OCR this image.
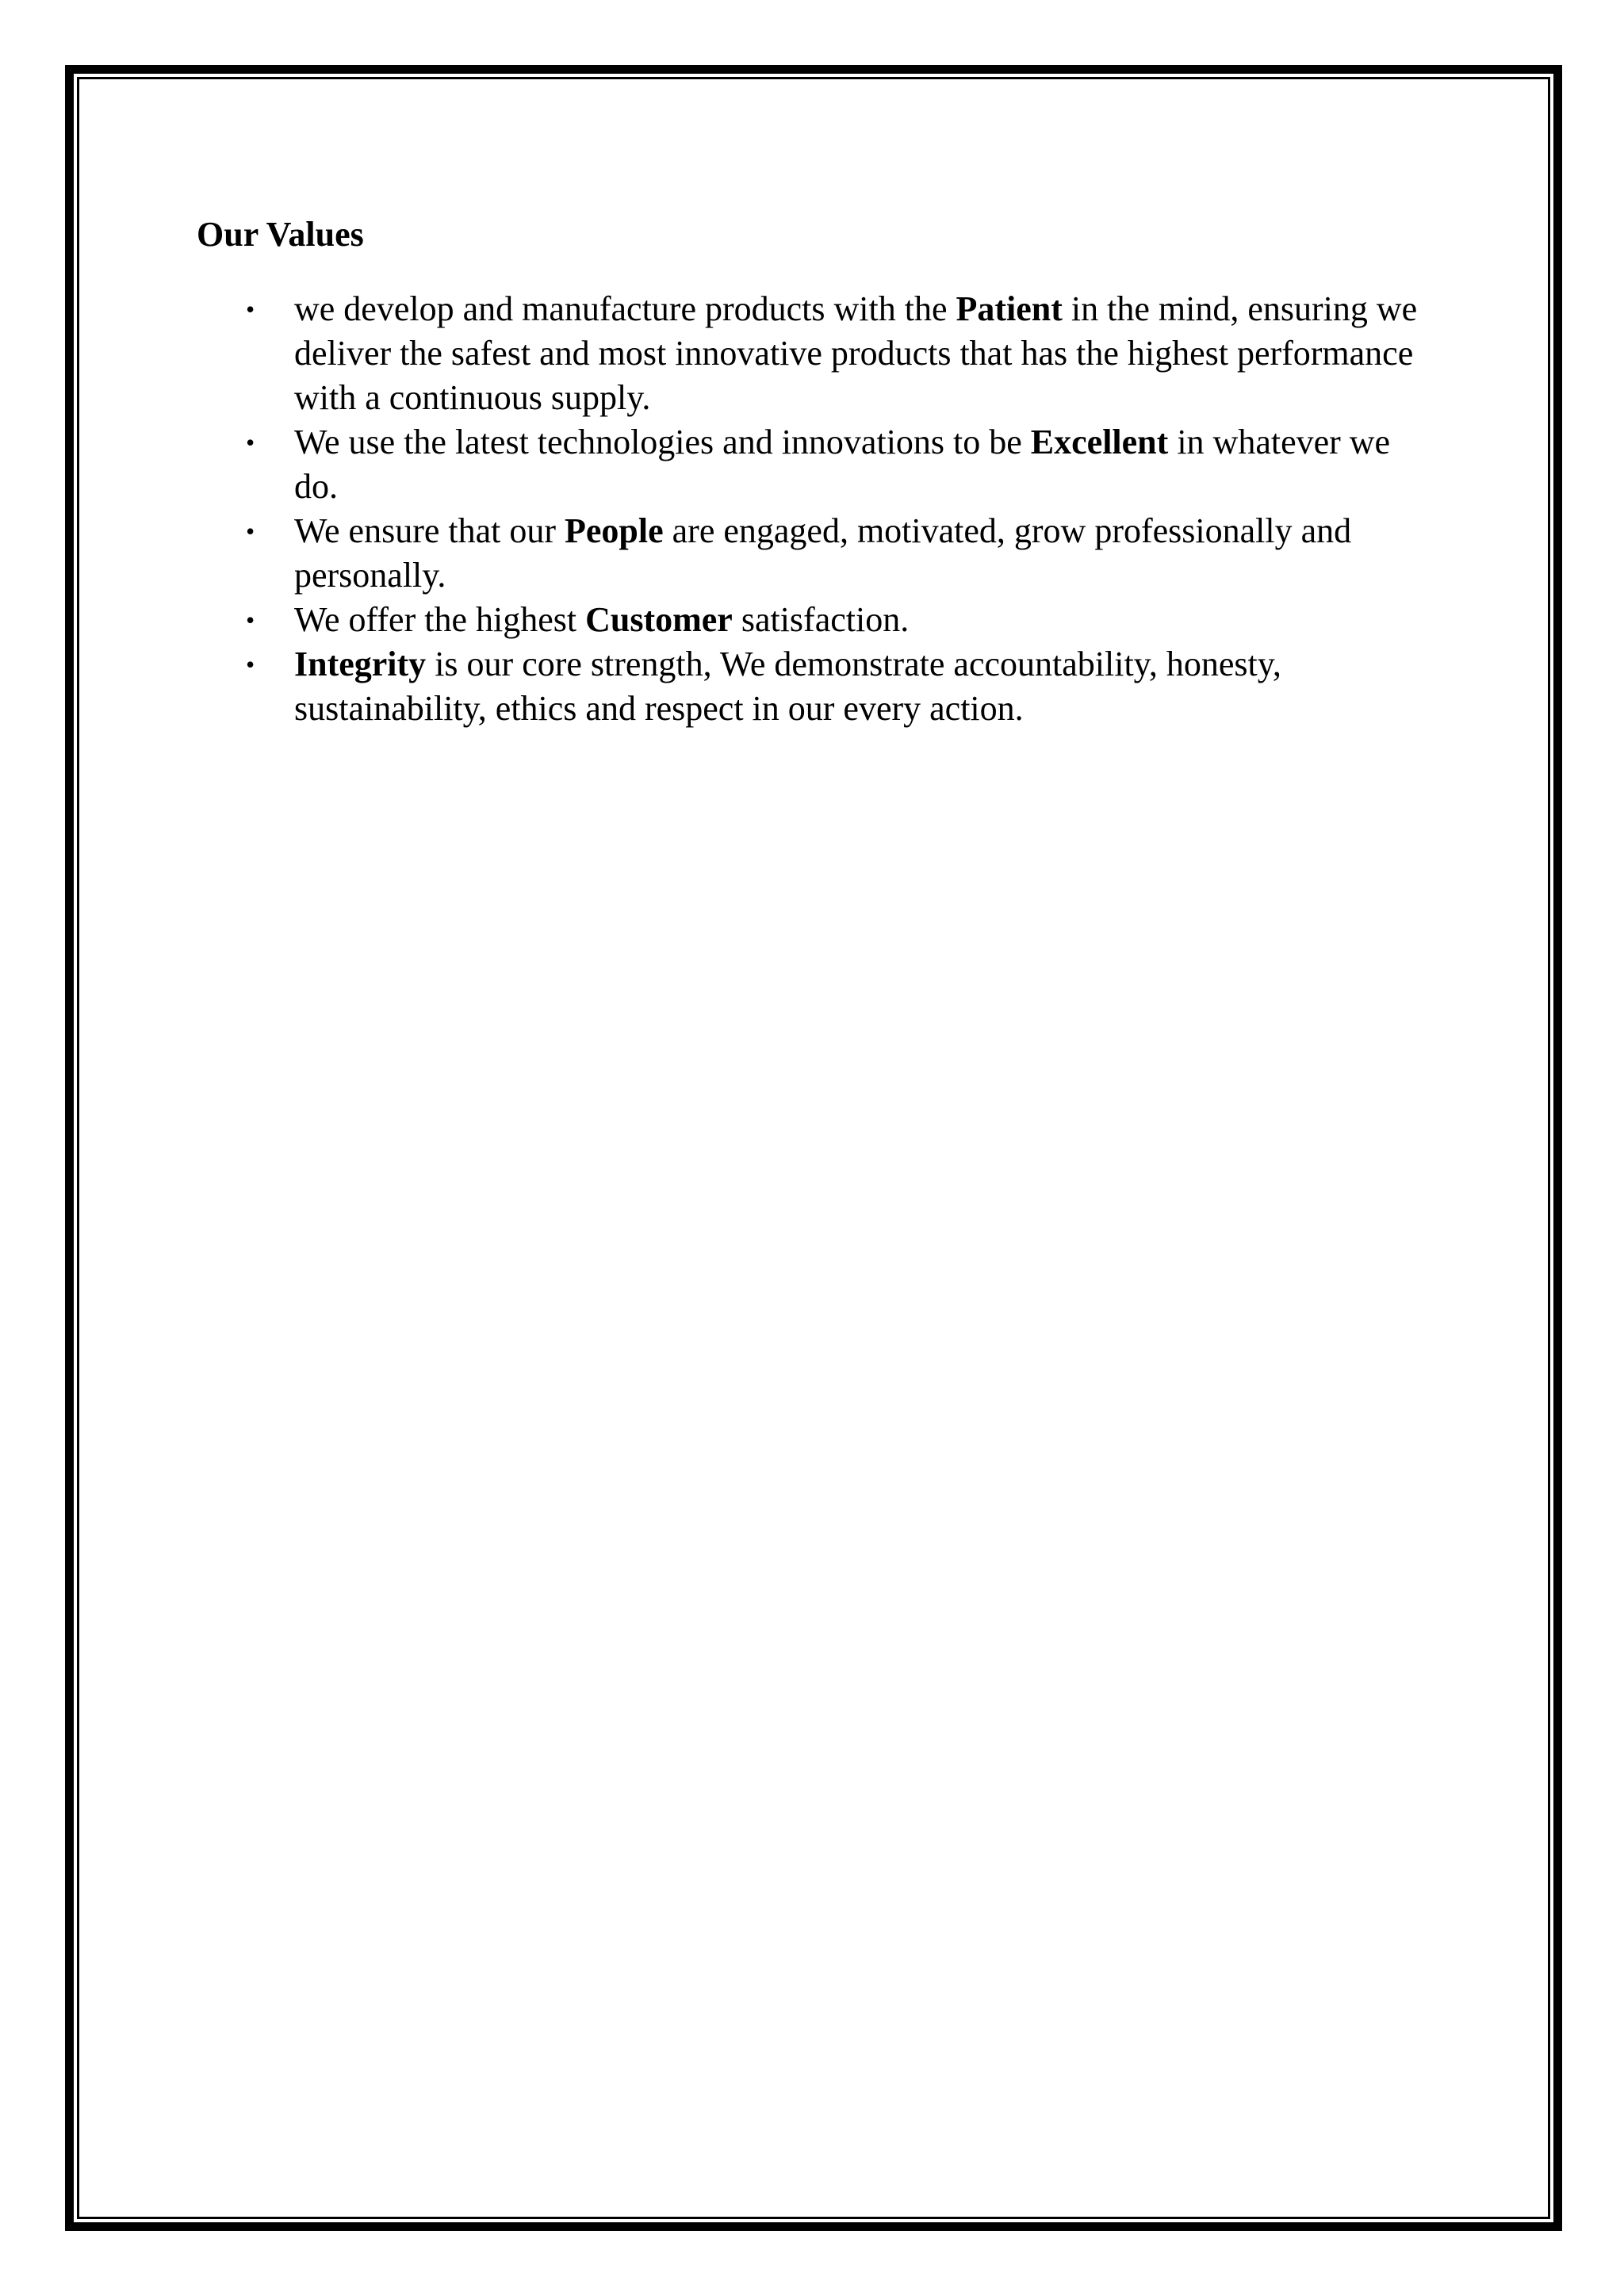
Our Values
•	we develop and manufacture products with the Patient in the mind, ensuring we deliver the safest and most innovative products that has the highest performance with a continuous supply.
•	We use the latest technologies and innovations to be Excellent in whatever we do.
•	We ensure that our People are engaged, motivated, grow professionally and personally.
•	We offer the highest Customer satisfaction.
•	Integrity is our core strength, We demonstrate accountability, honesty, sustainability, ethics and respect in our every action.
